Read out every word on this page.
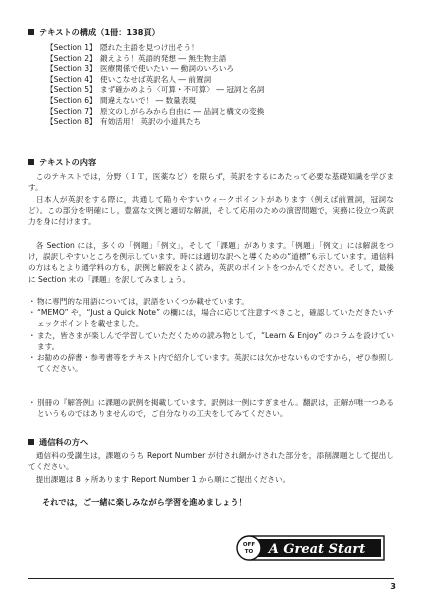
テキストの構成（1冊：138頁）
【Section 1】 隠れた主語を見つけ出そう！
【Section 2】 鍛えよう！英語的発想 ― 無生物主語
【Section 3】 医療関係で使いたい ― 動詞のいろいろ
【Section 4】 使いこなせば英訳名人 ― 前置詞
【Section 5】 まず確かめよう〈可算・不可算〉 ― 冠詞と名詞
【Section 6】 間違えないで！ ― 数量表現
【Section 7】 原文のしがらみから自由に ― 品詞と構文の変換
【Section 8】 有効活用！ 英訳の小道具たち
テキストの内容
　このテキストでは，分野（ＩＴ，医薬など）を限らず，英訳をするにあたって必要な基礎知識を学びます。
　日本人が英訳をする際に，共通して陥りやすいウィークポイントがあります（例えば前置詞，冠詞など）。この部分を明確にし，豊富な文例と適切な解説，そして応用のための演習問題で，実務に役立つ英訳力を身に付けます。
　各 Section には，多くの「例題」「例文」，そして「課題」があります。「例題」「例文」には解説をつけ，誤訳しやすいところを例示しています。時には適切な訳へと導くための“道標”も示しています。通信料の方はもとより通学料の方も，訳例と解説をよく読み，英訳のポイントをつかんでください。そして，最後に Section 末の「課題」を訳してみましょう。
・ 物に専門的な用語については，訳語をいくつか載せています。
・ “MEMO” や，“Just a Quick Note” の欄には，場合に応じて注意すべきこと，確認していただきたいチェックポイントを載せました。
・ また，皆さまが楽しんで学習していただくための読み物として，“Learn & Enjoy” のコラムを設けています。
・ お勧めの辞書・参考書等をテキスト内で紹介しています。英訳には欠かせないものですから，ぜひ参照してください。
・ 別冊の『解答例』に課題の訳例を掲載しています。訳例は一例にすぎません。翻訳は，正解が唯一つあるというものではありませんので，ご自分なりの工夫をしてみてください。
通信科の方へ
　通信科の受講生は，課題のうち Report Number が付され網かけされた部分を，添削課題として提出してください。
　提出課題は 8 ヶ所あります Report Number 1 から順にご提出ください。
それでは，ご一緒に楽しみながら学習を進めましょう！
A Great Start
OFF
TO
3
